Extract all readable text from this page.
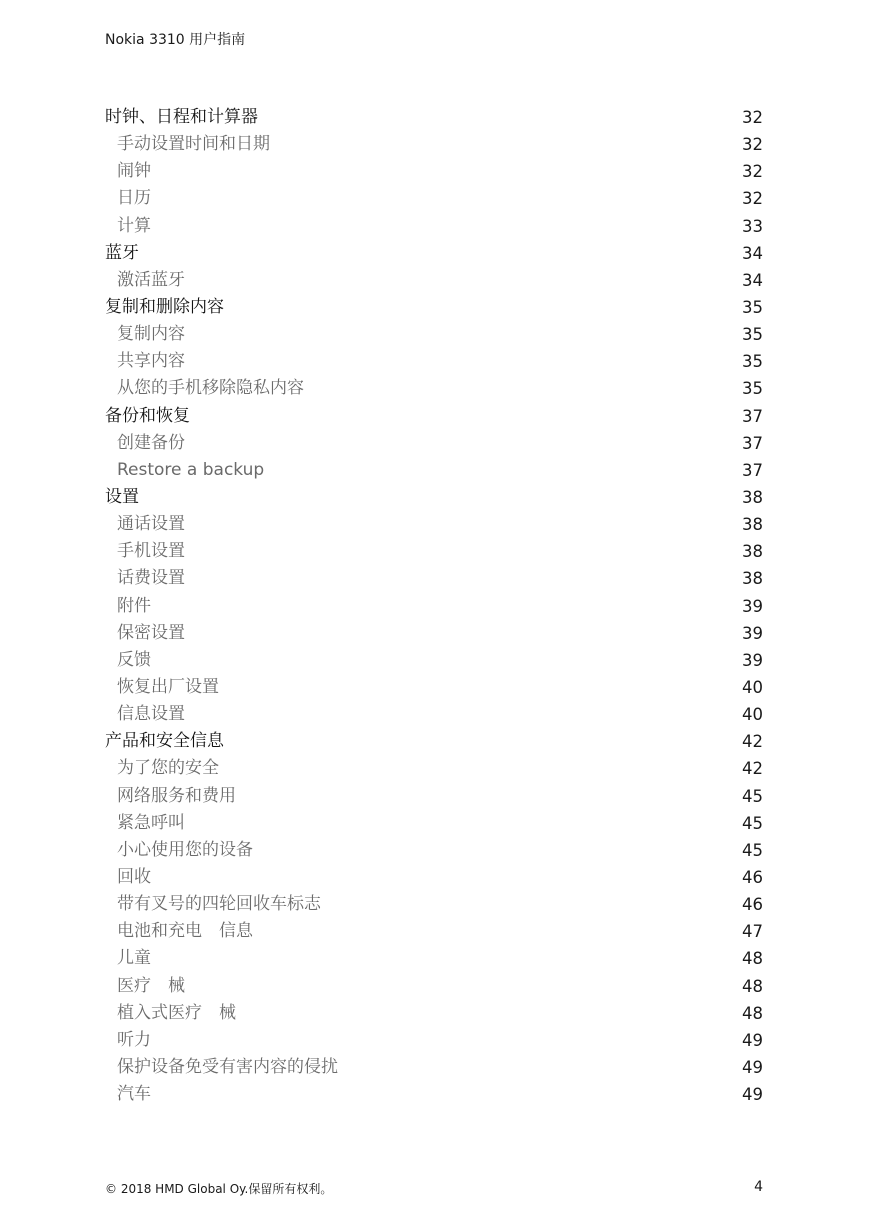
Nokia 3310 用户指南
时钟、日程和计算器	32
手动设置时间和日期	32
闹钟	32
日历	32
计算	33
蓝牙	34
激活蓝牙	34
复制和删除内容	35
复制内容	35
共享内容	35
从您的手机移除隐私内容	35
备份和恢复	37
创建备份	37
Restore a backup	37
设置	38
通话设置	38
手机设置	38
话费设置	38
附件	39
保密设置	39
反馈	39
恢复出厂设置	40
信息设置	40
产品和安全信息	42
为了您的安全	42
网络服务和费用	45
紧急呼叫	45
小心使用您的设备	45
回收	46
带有叉号的四轮回收车标志	46
电池和充电　信息	47
儿童	48
医疗　械	48
植入式医疗　械	48
听力	49
保护设备免受有害内容的侵扰	49
汽车	49
© 2018 HMD Global Oy.保留所有权利。	4
